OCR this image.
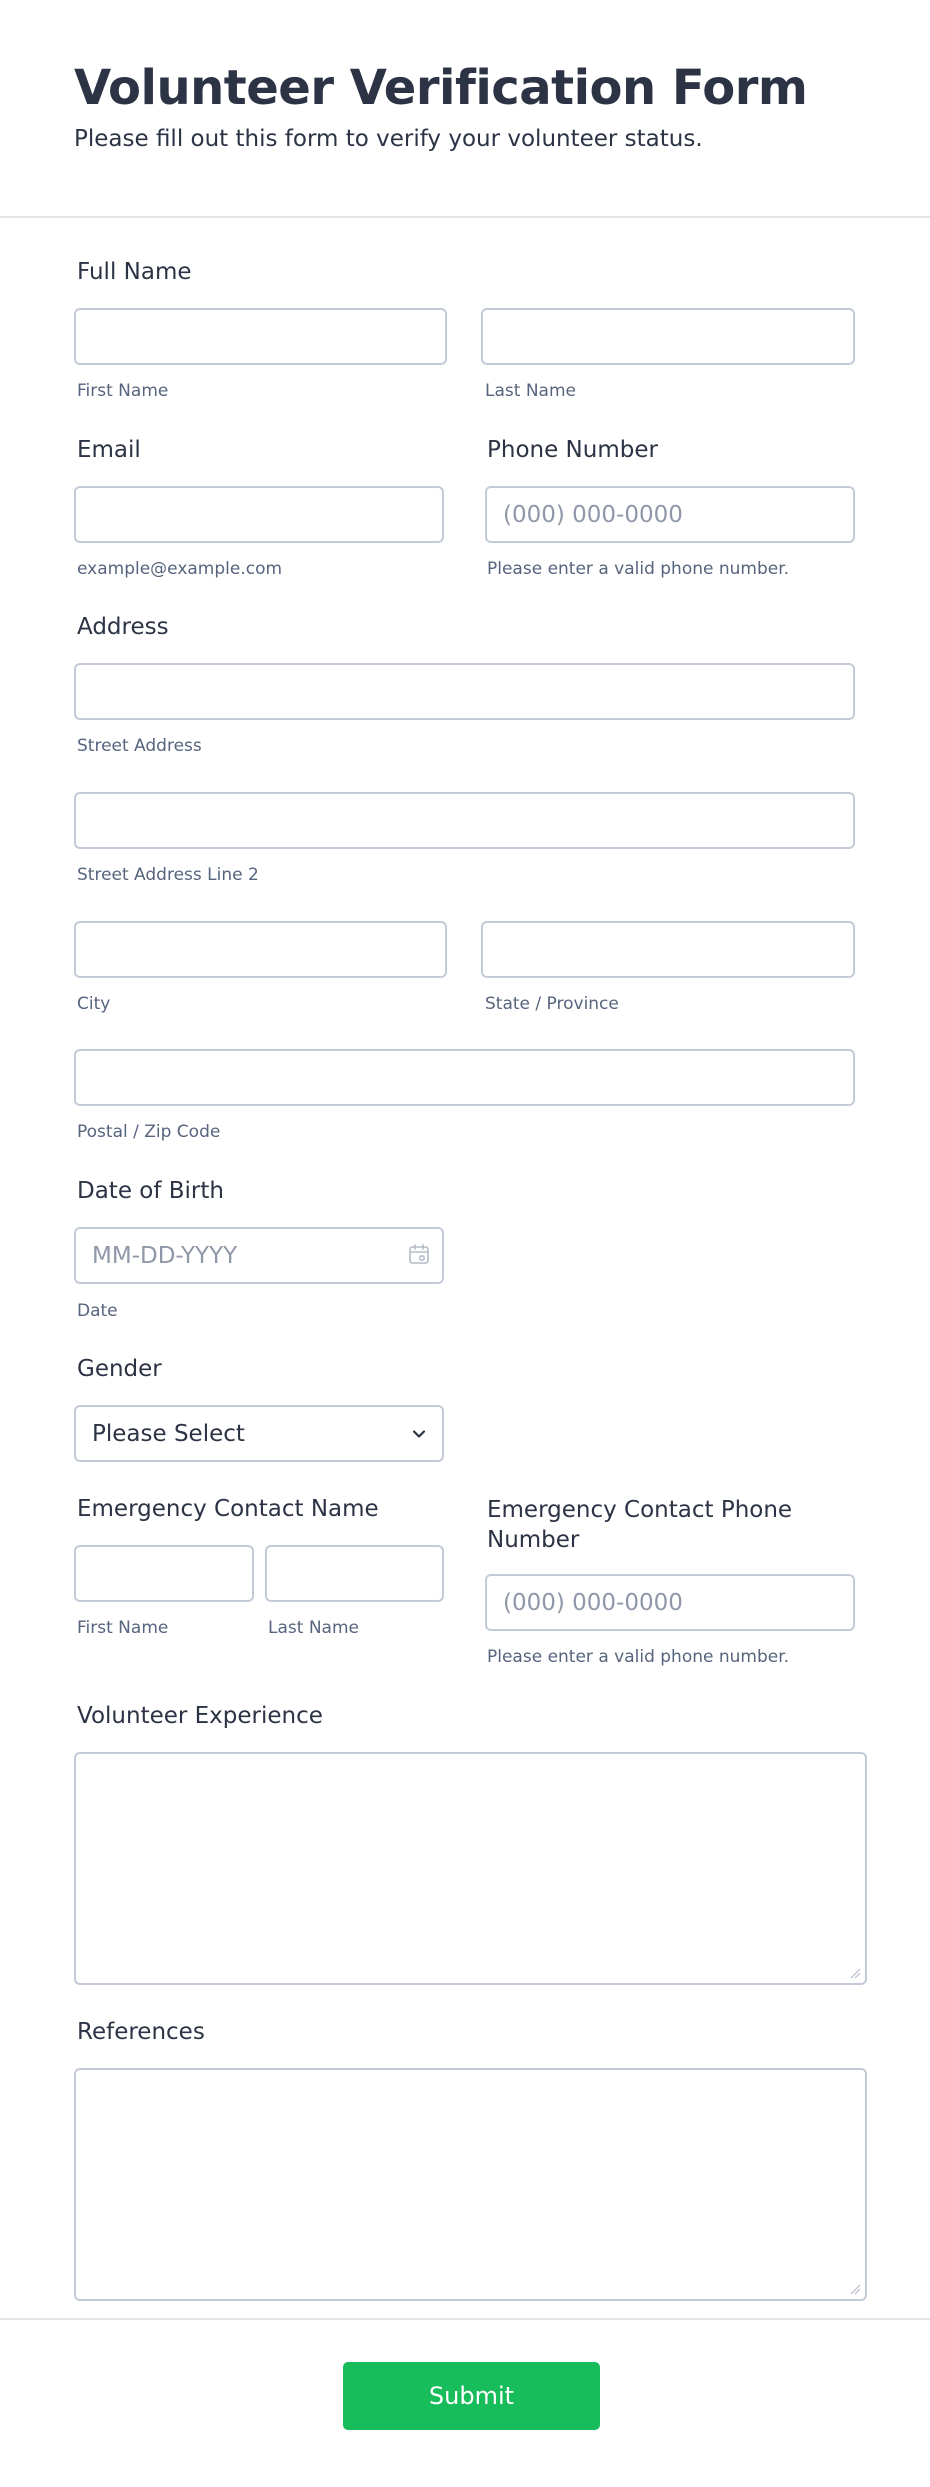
Volunteer Verification Form

Please fill out this form to verify your volunteer status.

Full Name
First Name	Last Name
Email
example@example.com
Phone Number
(000) 000-0000
Please enter a valid phone number.
Address
Street Address
Street Address Line 2
City	State / Province
Postal / Zip Code
Date of Birth
MM-DD-YYYY
Date
Gender
Please Select
Emergency Contact Name
First Name	Last Name
Emergency Contact Phone Number
(000) 000-0000
Please enter a valid phone number.
Volunteer Experience
References
Submit
